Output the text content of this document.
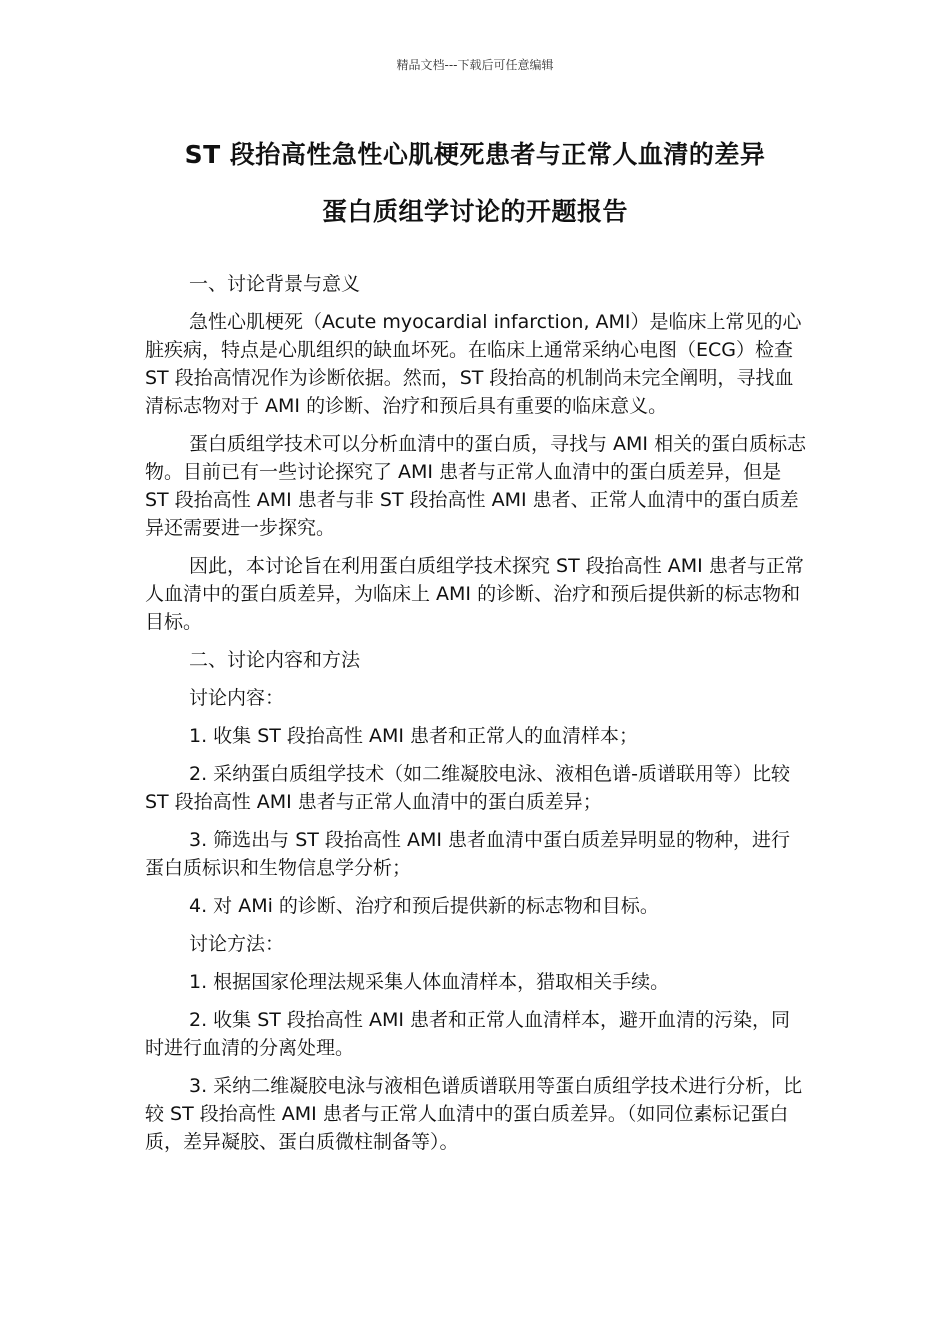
精品文档---下载后可任意编辑
ST 段抬高性急性心肌梗死患者与正常人血清的差异
蛋白质组学讨论的开题报告

一、讨论背景与意义

急性心肌梗死（Acute myocardial infarction, AMI）是临床上常见的心脏疾病，特点是心肌组织的缺血坏死。在临床上通常采纳心电图（ECG）检查 ST 段抬高情况作为诊断依据。然而，ST 段抬高的机制尚未完全阐明，寻找血清标志物对于 AMI 的诊断、治疗和预后具有重要的临床意义。

蛋白质组学技术可以分析血清中的蛋白质，寻找与 AMI 相关的蛋白质标志物。目前已有一些讨论探究了 AMI 患者与正常人血清中的蛋白质差异，但是 ST 段抬高性 AMI 患者与非 ST 段抬高性 AMI 患者、正常人血清中的蛋白质差异还需要进一步探究。

因此，本讨论旨在利用蛋白质组学技术探究 ST 段抬高性 AMI 患者与正常人血清中的蛋白质差异，为临床上 AMI 的诊断、治疗和预后提供新的标志物和目标。

二、讨论内容和方法

讨论内容：

1. 收集 ST 段抬高性 AMI 患者和正常人的血清样本；

2. 采纳蛋白质组学技术（如二维凝胶电泳、液相色谱-质谱联用等）比较 ST 段抬高性 AMI 患者与正常人血清中的蛋白质差异；

3. 筛选出与 ST 段抬高性 AMI 患者血清中蛋白质差异明显的物种，进行蛋白质标识和生物信息学分析；

4. 对 AMi 的诊断、治疗和预后提供新的标志物和目标。

讨论方法：

1. 根据国家伦理法规采集人体血清样本，猎取相关手续。

2. 收集 ST 段抬高性 AMI 患者和正常人血清样本，避开血清的污染，同时进行血清的分离处理。

3. 采纳二维凝胶电泳与液相色谱质谱联用等蛋白质组学技术进行分析，比较 ST 段抬高性 AMI 患者与正常人血清中的蛋白质差异。（如同位素标记蛋白质，差异凝胶、蛋白质微柱制备等）。
